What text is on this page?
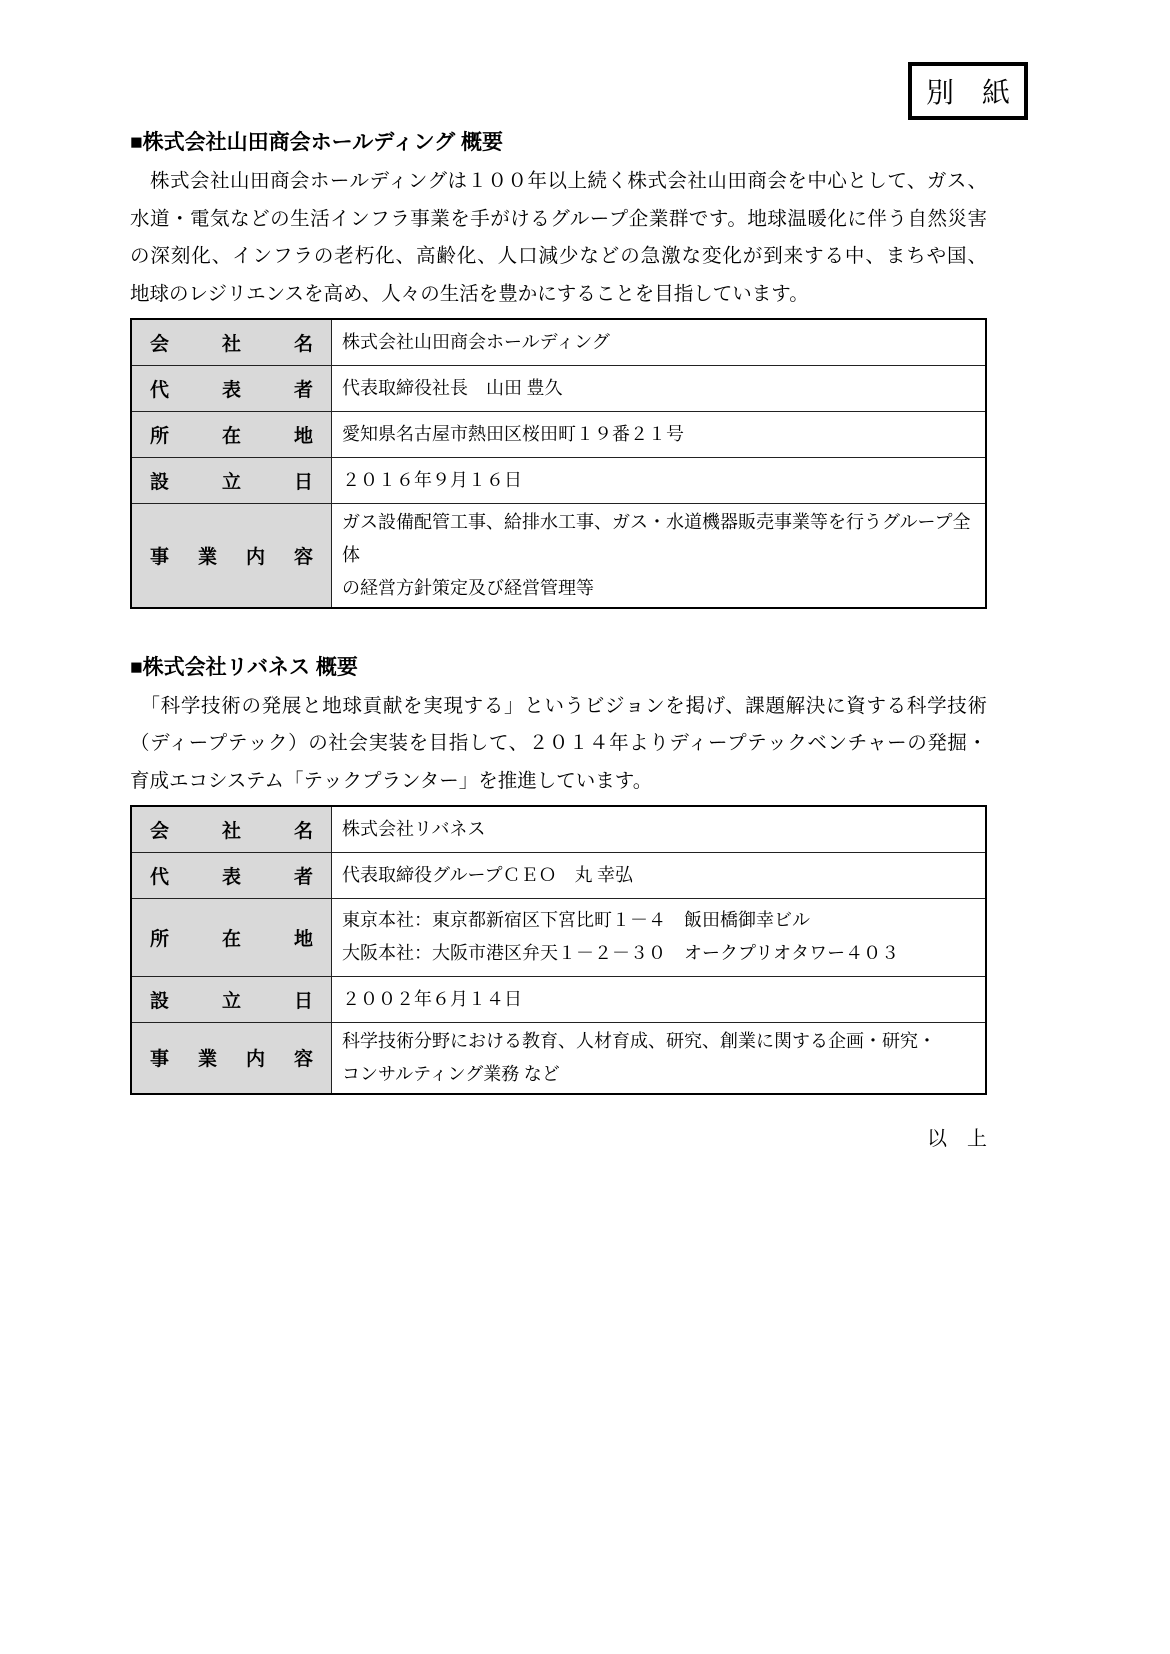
別　紙
■株式会社山田商会ホールディング 概要
　株式会社山田商会ホールディングは１００年以上続く株式会社山田商会を中心として、ガス、
水道・電気などの生活インフラ事業を手がけるグループ企業群です。地球温暖化に伴う自然災害
の深刻化、インフラの老朽化、高齢化、人口減少などの急激な変化が到来する中、まちや国、
地球のレジリエンスを高め、人々の生活を豊かにすることを目指しています。
会 社 名	株式会社山田商会ホールディング

代 表 者	代表取締役社長　山田 豊久

所 在 地	愛知県名古屋市熱田区桜田町１９番２１号

設 立 日	２０１６年９月１６日

事 業 内 容	ガス設備配管工事、給排水工事、ガス・水道機器販売事業等を行うグループ全体
の経営方針策定及び経営管理等
■株式会社リバネス 概要
　「科学技術の発展と地球貢献を実現する」というビジョンを掲げ、課題解決に資する科学技術
（ディープテック）の社会実装を目指して、２０１４年よりディープテックベンチャーの発掘・
育成エコシステム「テックプランター」を推進しています。
会 社 名	株式会社リバネス

代 表 者	代表取締役グループＣＥＯ　丸 幸弘

所 在 地	東京本社：東京都新宿区下宮比町１－４　飯田橋御幸ビル
大阪本社：大阪市港区弁天１－２－３０　オークプリオタワー４０３

設 立 日	２００２年６月１４日

事 業 内 容	科学技術分野における教育、人材育成、研究、創業に関する企画・研究・
コンサルティング業務 など
以　上
